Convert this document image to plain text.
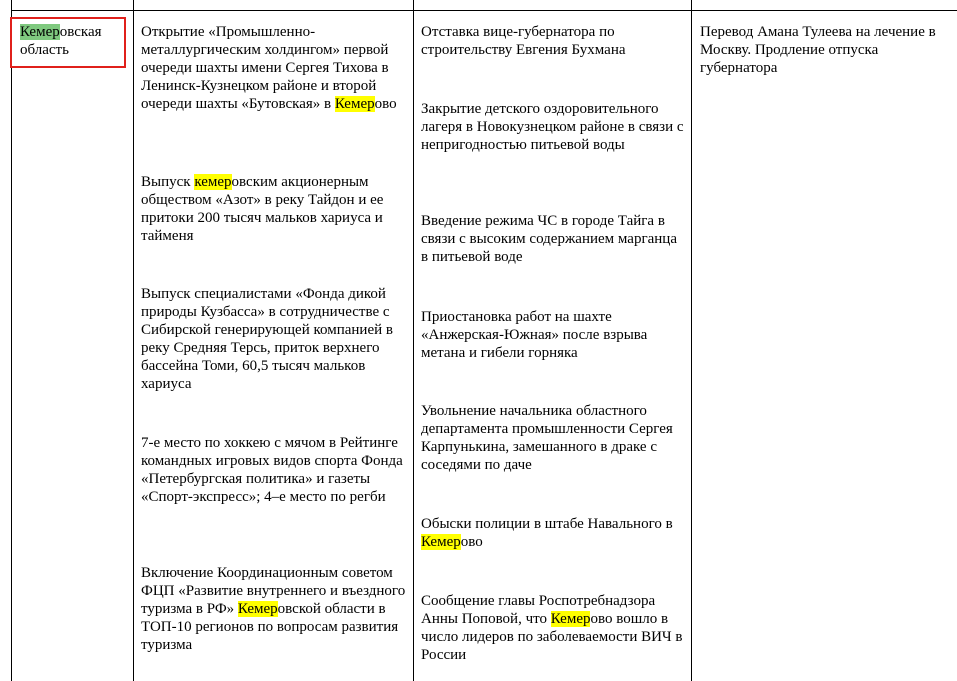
Кемеровская область

Открытие «Промышленно-металлургическим холдингом» первой очереди шахты имени Сергея Тихова в Ленинск-Кузнецком районе и второй очереди шахты «Бутовская» в Кемерово

Выпуск кемеровским акционерным обществом «Азот» в реку Тайдон и ее притоки 200 тысяч мальков хариуса и тайменя

Выпуск специалистами «Фонда дикой природы Кузбасса» в сотрудничестве с Сибирской генерирующей компанией в реку Средняя Терсь, приток верхнего бассейна Томи, 60,5 тысяч мальков хариуса

7-е место по хоккею с мячом в Рейтинге командных игровых видов спорта Фонда «Петербургская политика» и газеты «Спорт-экспресс»; 4–е место по регби

Включение Координационным советом ФЦП «Развитие внутреннего и въездного туризма в РФ» Кемеровской области в ТОП-10 регионов по вопросам развития туризма

Отставка вице-губернатора по строительству Евгения Бухмана

Закрытие детского оздоровительного лагеря в Новокузнецком районе в связи с непригодностью питьевой воды

Введение режима ЧС в городе Тайга в связи с высоким содержанием марганца в питьевой воде

Приостановка работ на шахте «Анжерская-Южная» после взрыва метана и гибели горняка

Увольнение начальника областного департамента промышленности Сергея Карпунькина, замешанного в драке с соседями по даче

Обыски полиции в штабе Навального в Кемерово

Сообщение главы Роспотребнадзора Анны Поповой, что Кемерово вошло в число лидеров по заболеваемости ВИЧ в России

Перевод Амана Тулеева на лечение в Москву. Продление отпуска губернатора
